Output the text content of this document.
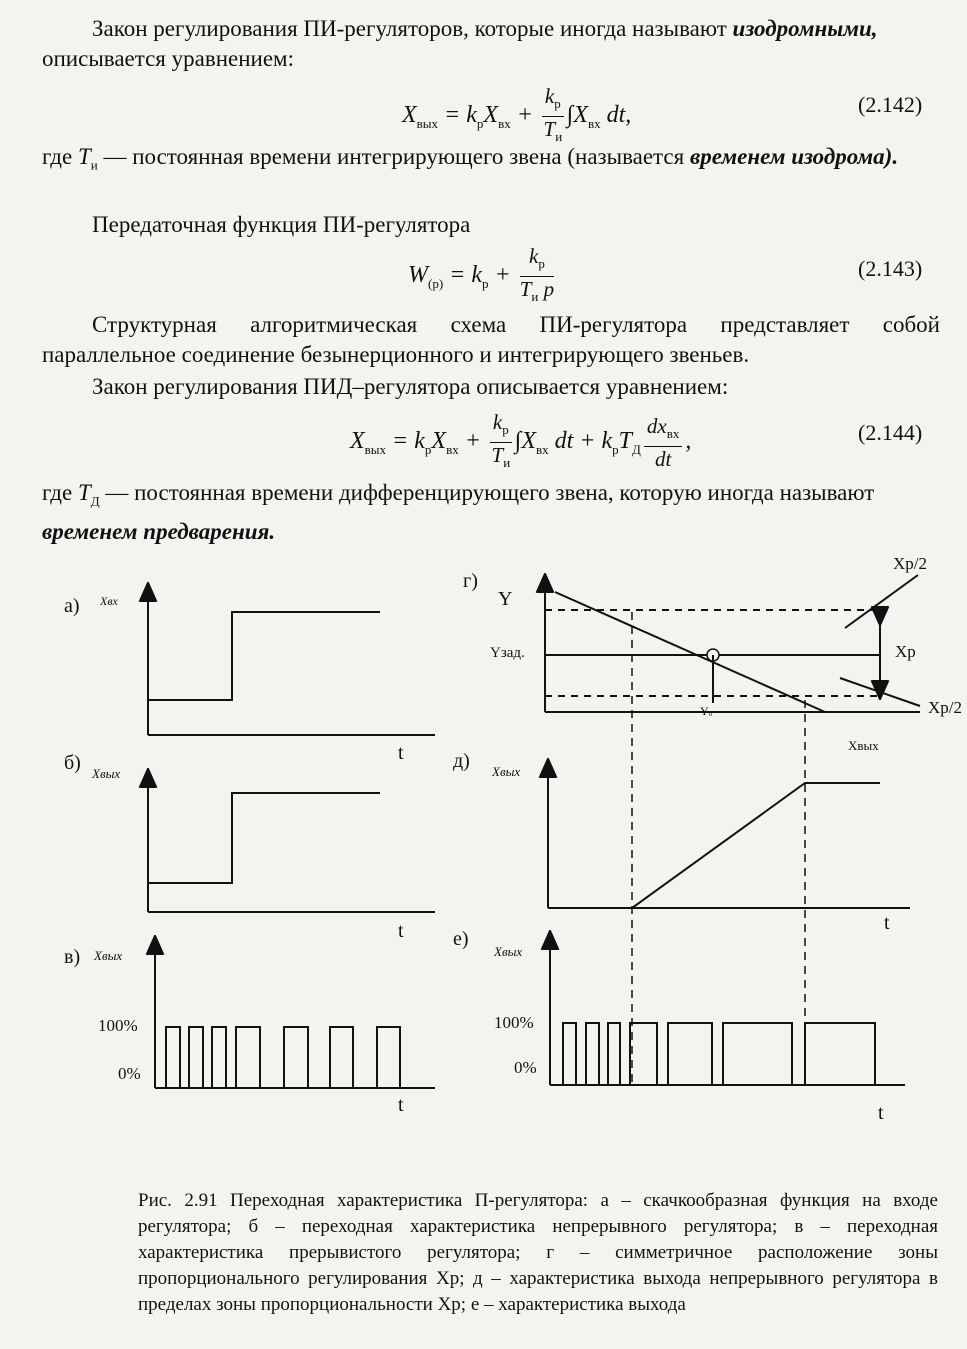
Закон регулирования ПИ-регуляторов, которые иногда называют изодромными, описывается уравнением:

$X_{вых} = k_pX_{вх} + \frac{k_p}{T_и} \int X_{вх}$ dt,	(2.142)

где $T_и$ — постоянная времени интегрирующего звена (называется временем изодрома).

Передаточная функция ПИ-регулятора

$W_{(p)} = k_p + \frac{k_p}{T_и p}$	(2.143)

Структурная алгоритмическая схема ПИ-регулятора представляет собой параллельное соединение безынерционного и интегрирующего звеньев.

Закон регулирования ПИД–регулятора описывается уравнением:

$X_{вых} = k_pX_{вх} + \frac{k_p}{T_и} \int X_{вх}$ dt + $k_pT_Д \frac{dx_{вх}}{dt}$ ,	(2.144)

где $T_Д$ — постоянная времени дифференцирующего звена, которую иногда называют временем предварения.

а) Xвх
t
б) Xвых
t
в) Xвых
100%
0%
t
г)
Y
Yзад.
Yₒ
Xр/2
Xр
Xр/2
Xвых
д) Xвых
t
е)
Xвых
100%
0%
t
Рис. 2.91 Переходная характеристика П-регулятора: а – скачкообразная функция на входе регулятора; б – переходная характеристика непрерывного регулятора; в – переходная характеристика прерывистого регулятора; г – симметричное расположение зоны пропорционального регулирования Xр; д – характеристика выхода непрерывного регулятора в пределах зоны пропорциональности Xр; е – характеристика выхода
